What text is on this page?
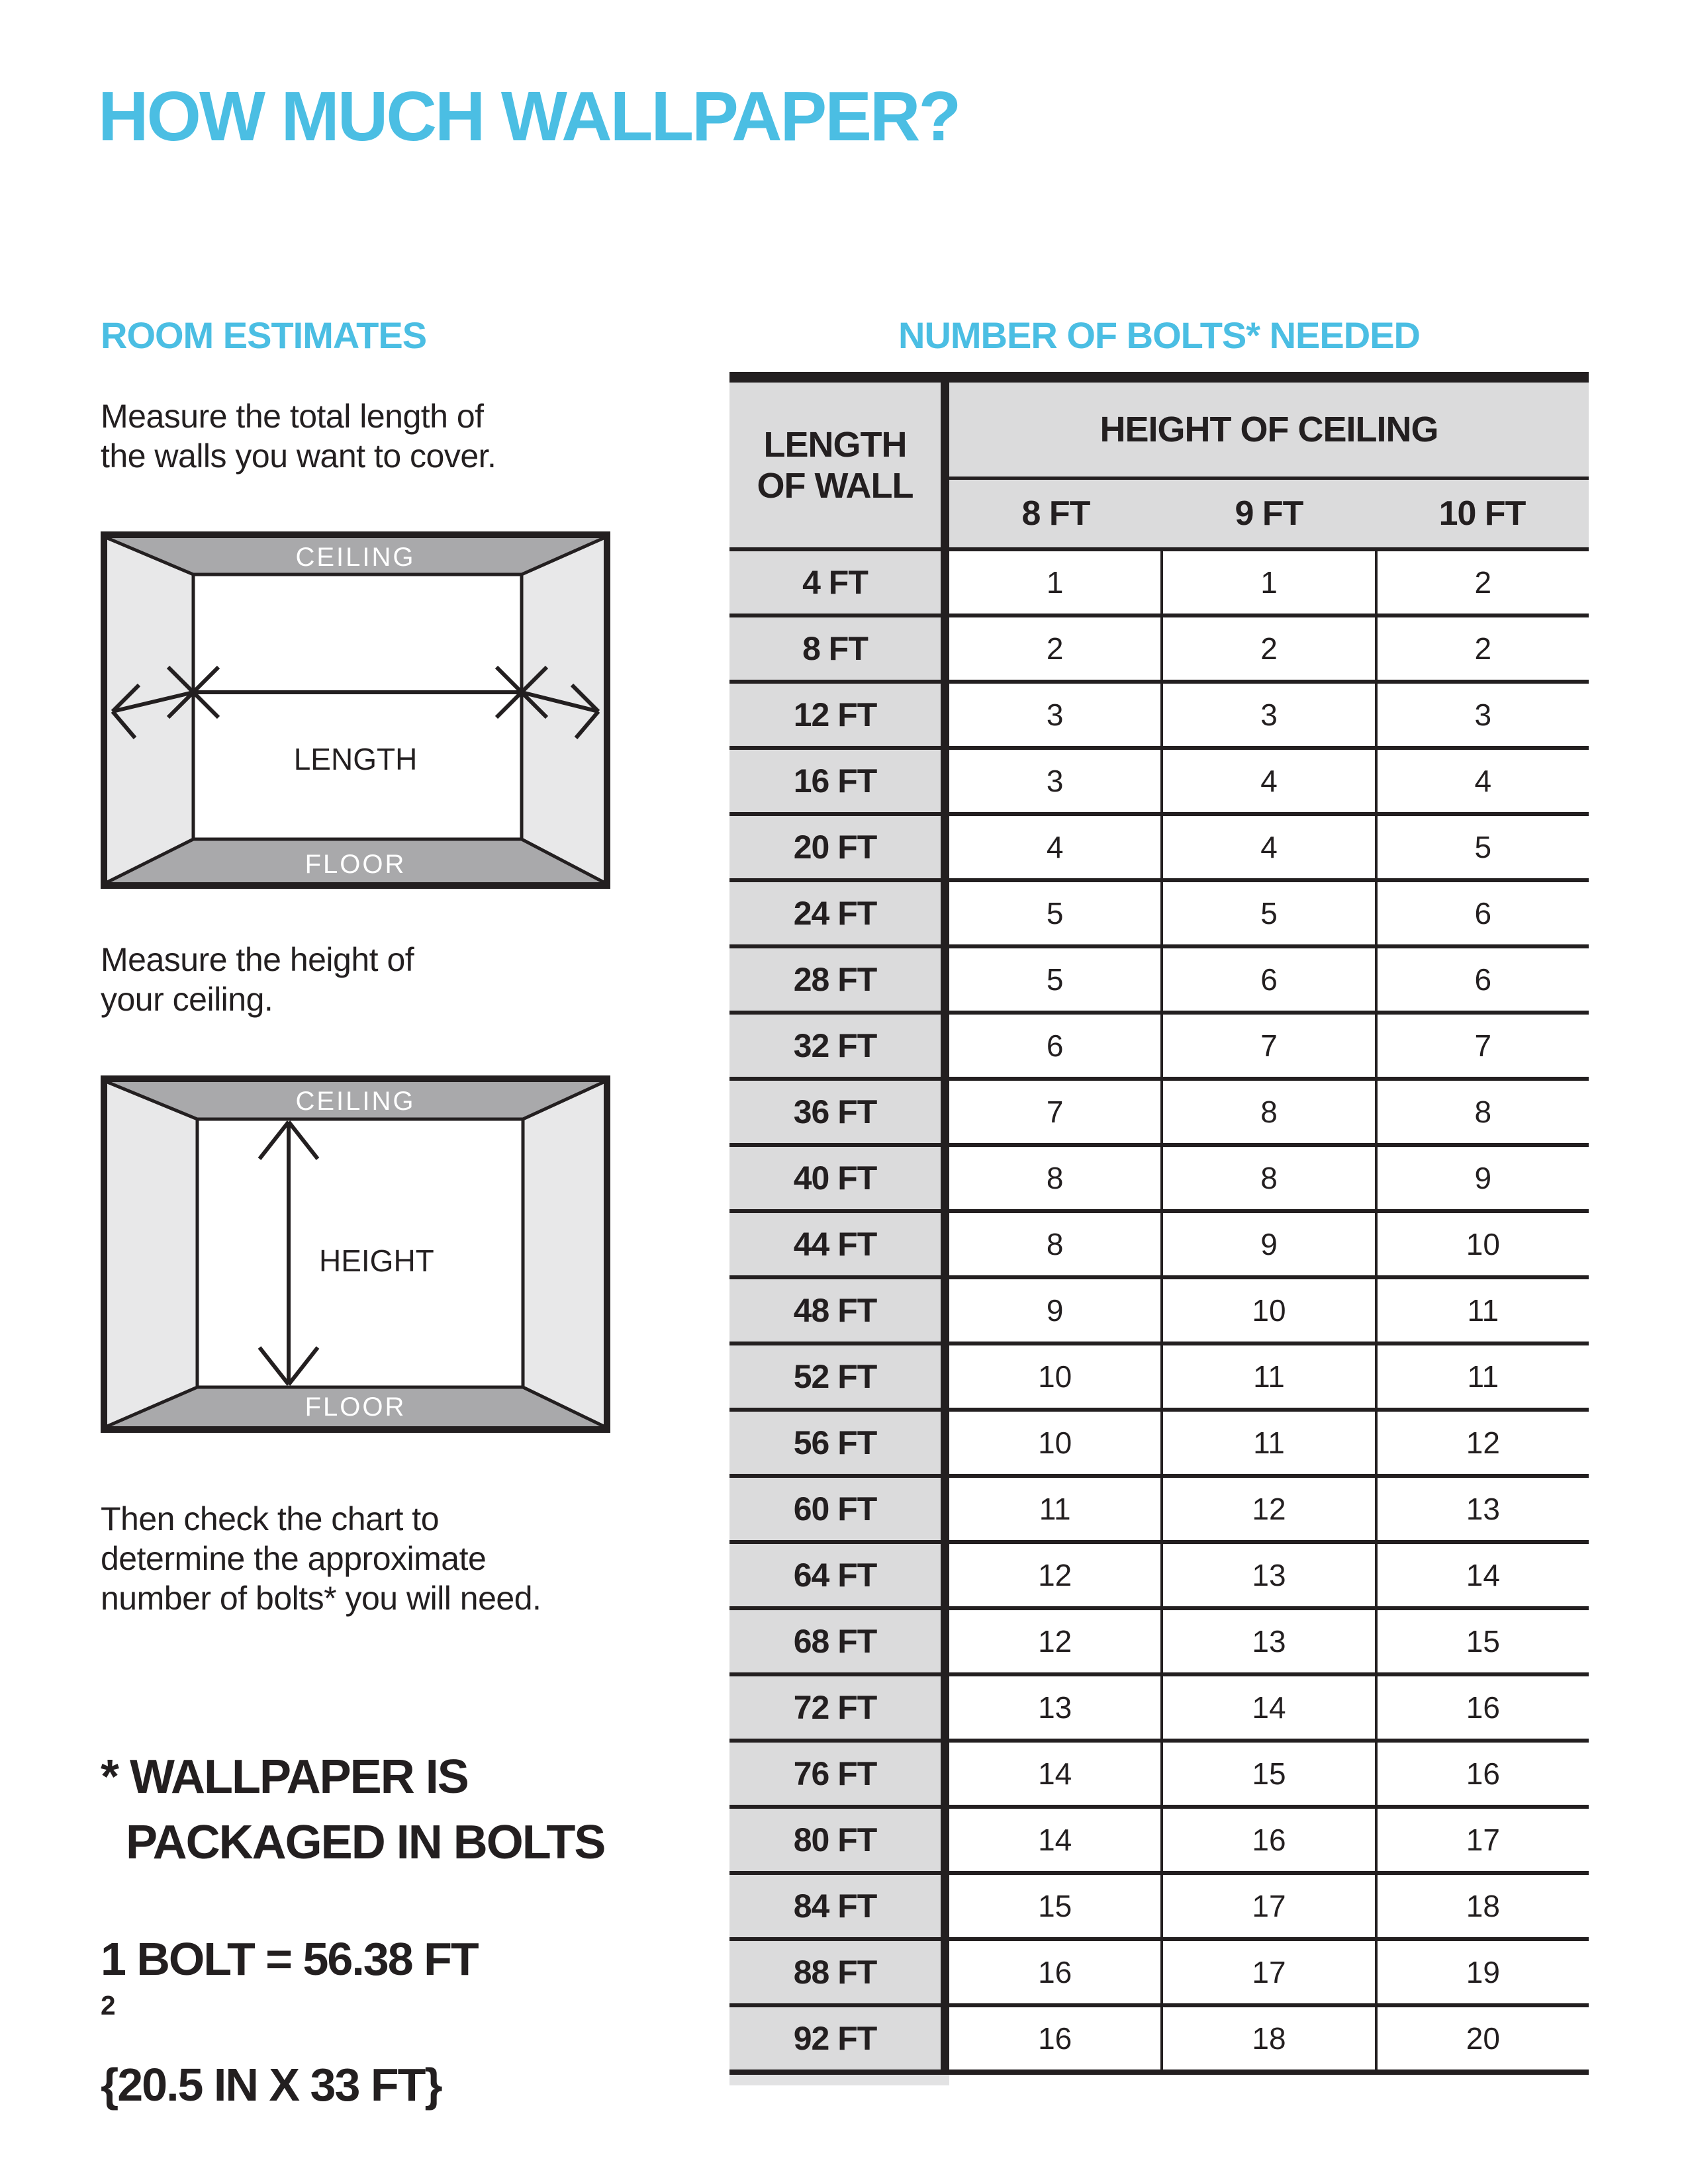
HOW MUCH WALLPAPER?
ROOM ESTIMATES	NUMBER OF BOLTS* NEEDED
Measure the total length of
the walls you want to cover.
CEILING
FLOOR
LENGTH
Measure the height of
your ceiling.
CEILING
FLOOR
HEIGHT
Then check the chart to
determine the approximate
number of bolts* you will need.
* WALLPAPER IS
PACKAGED IN BOLTS
1 BOLT = 56.38 FT
$^2$
{20.5 IN X 33 FT}
LENGTH
OF WALL
HEIGHT OF CEILING
8 FT	9 FT	10 FT
4 FT	1	1	2
8 FT	2	2	2
12 FT	3	3	3
16 FT	3	4	4
20 FT	4	4	5
24 FT	5	5	6
28 FT	5	6	6
32 FT	6	7	7
36 FT	7	8	8
40 FT	8	8	9
44 FT	8	9	10
48 FT	9	10	11
52 FT	10	11	11
56 FT	10	11	12
60 FT	11	12	13
64 FT	12	13	14
68 FT	12	13	15
72 FT	13	14	16
76 FT	14	15	16
80 FT	14	16	17
84 FT	15	17	18
88 FT	16	17	19
92 FT	16	18	20
